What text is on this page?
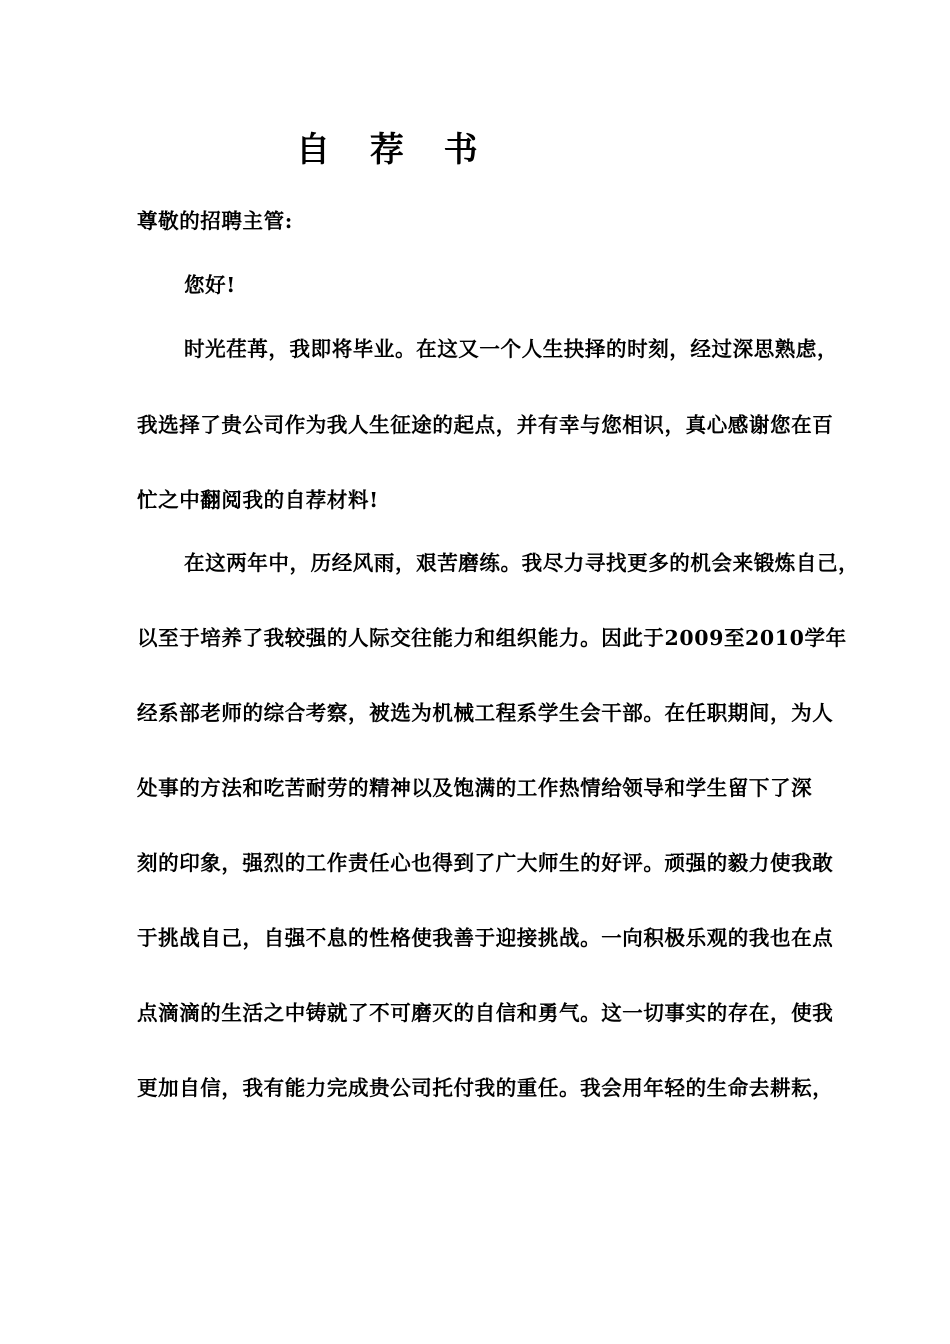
自 荐 书
尊敬的招聘主管:
您好!
时光荏苒，我即将毕业。在这又一个人生抉择的时刻，经过深思熟虑，
我选择了贵公司作为我人生征途的起点，并有幸与您相识，真心感谢您在百
忙之中翻阅我的自荐材料!
在这两年中，历经风雨，艰苦磨练。我尽力寻找更多的机会来锻炼自己，
以至于培养了我较强的人际交往能力和组织能力。因此于2009至2010学年
经系部老师的综合考察，被选为机械工程系学生会干部。在任职期间，为人
处事的方法和吃苦耐劳的精神以及饱满的工作热情给领导和学生留下了深
刻的印象，强烈的工作责任心也得到了广大师生的好评。顽强的毅力使我敢
于挑战自己，自强不息的性格使我善于迎接挑战。一向积极乐观的我也在点
点滴滴的生活之中铸就了不可磨灭的自信和勇气。这一切事实的存在，使我
更加自信，我有能力完成贵公司托付我的重任。我会用年轻的生命去耕耘，
